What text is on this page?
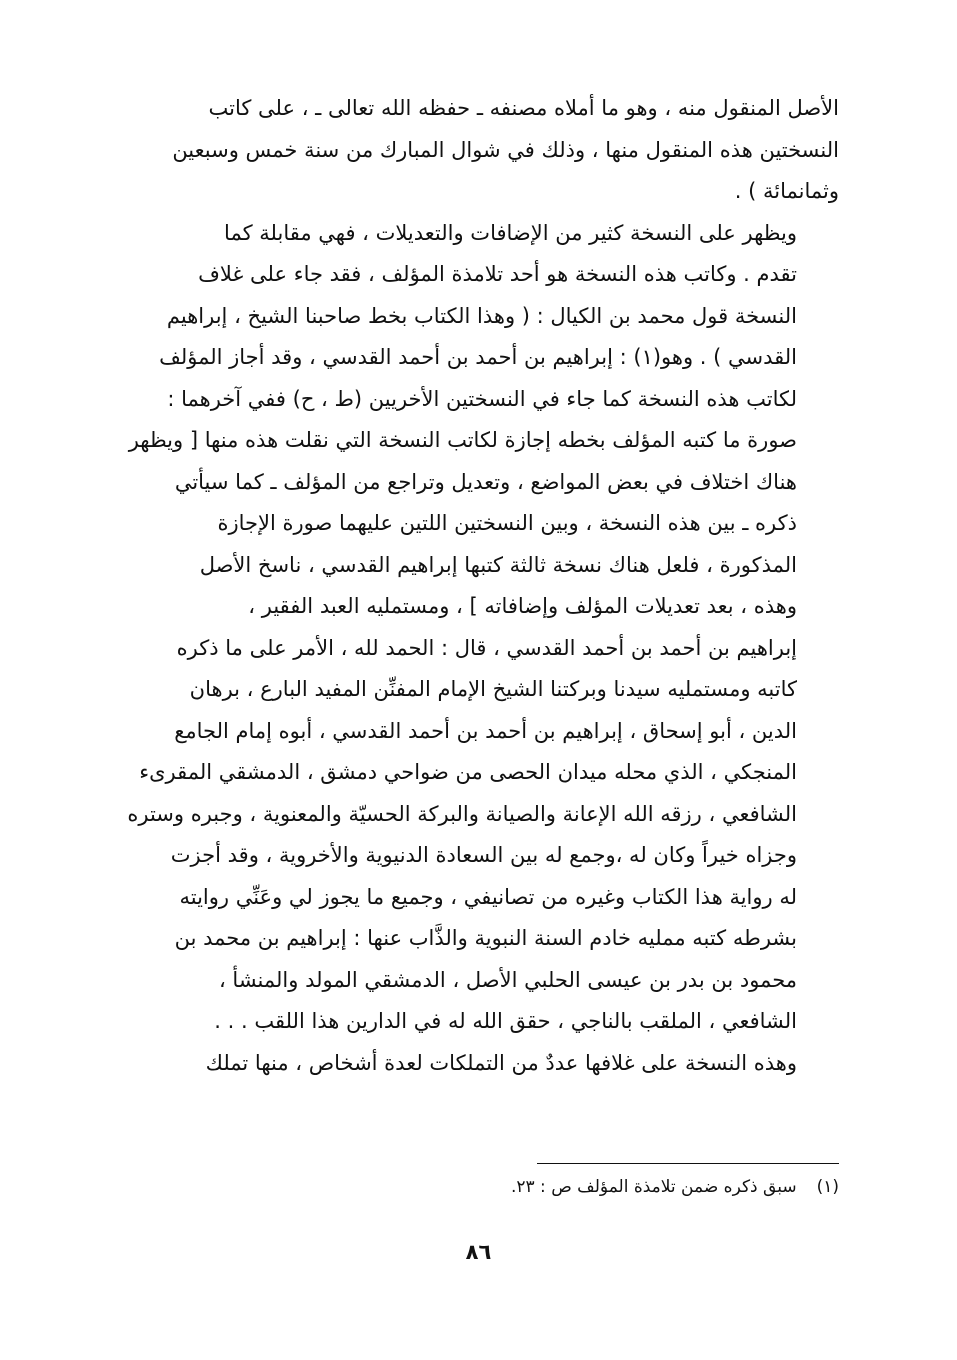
الأصل المنقول منه ، وهو ما أملاه مصنفه ـ حفظه الله تعالى ـ ، على كاتب
النسختين هذه المنقول منها ، وذلك في شوال المبارك من سنة خمس وسبعين
وثمانمائة ) .

ويظهر على النسخة كثير من الإضافات والتعديلات ، فهي مقابلة كما
تقدم . وكاتب هذه النسخة هو أحد تلامذة المؤلف ، فقد جاء على غلاف
النسخة قول محمد بن الكيال : ( وهذا الكتاب بخط صاحبنا الشيخ ، إبراهيم
القدسي ) . وهو(١) : إبراهيم بن أحمد بن أحمد القدسي ، وقد أجاز المؤلف
لكاتب هذه النسخة كما جاء في النسختين الأخريين (ط ، ح) ففي آخرهما :
صورة ما كتبه المؤلف بخطه إجازة لكاتب النسخة التي نقلت هذه منها [ ويظهر
هناك اختلاف في بعض المواضع ، وتعديل وتراجع من المؤلف ـ كما سيأتي
ذكره ـ بين هذه النسخة ، وبين النسختين اللتين عليهما صورة الإجازة
المذكورة ، فلعل هناك نسخة ثالثة كتبها إبراهيم القدسي ، ناسخ الأصل
وهذه ، بعد تعديلات المؤلف وإضافاته ] ، ومستمليه العبد الفقير ،
إبراهيم بن أحمد بن أحمد القدسي ، قال : الحمد لله ، الأمر على ما ذكره
كاتبه ومستمليه سيدنا وبركتنا الشيخ الإمام المفنِّن المفيد البارع ، برهان
الدين ، أبو إسحاق ، إبراهيم بن أحمد بن أحمد القدسي ، أبوه إمام الجامع
المنجكي ، الذي محله ميدان الحصى من ضواحي دمشق ، الدمشقي المقرىء
الشافعي ، رزقه الله الإعانة والصيانة والبركة الحسيّة والمعنوية ، وجبره وستره
وجزاه خيراً وكان له ،وجمع له بين السعادة الدنيوية والأخروية ، وقد أجزت
له رواية هذا الكتاب وغيره من تصانيفي ، وجميع ما يجوز لي وعَنِّي روايته
بشرطه كتبه ممليه خادم السنة النبوية والذَّاب عنها : إبراهيم بن محمد بن
محمود بن بدر بن عيسى الحلبي الأصل ، الدمشقي المولد والمنشأ ،
الشافعي ، الملقب بالناجي ، حقق الله له في الدارين هذا اللقب . . .

وهذه النسخة على غلافها عددٌ من التملكات لعدة أشخاص ، منها تملك

(١)سبق ذكره ضمن تلامذة المؤلف ص : ٢٣.
٨٦
